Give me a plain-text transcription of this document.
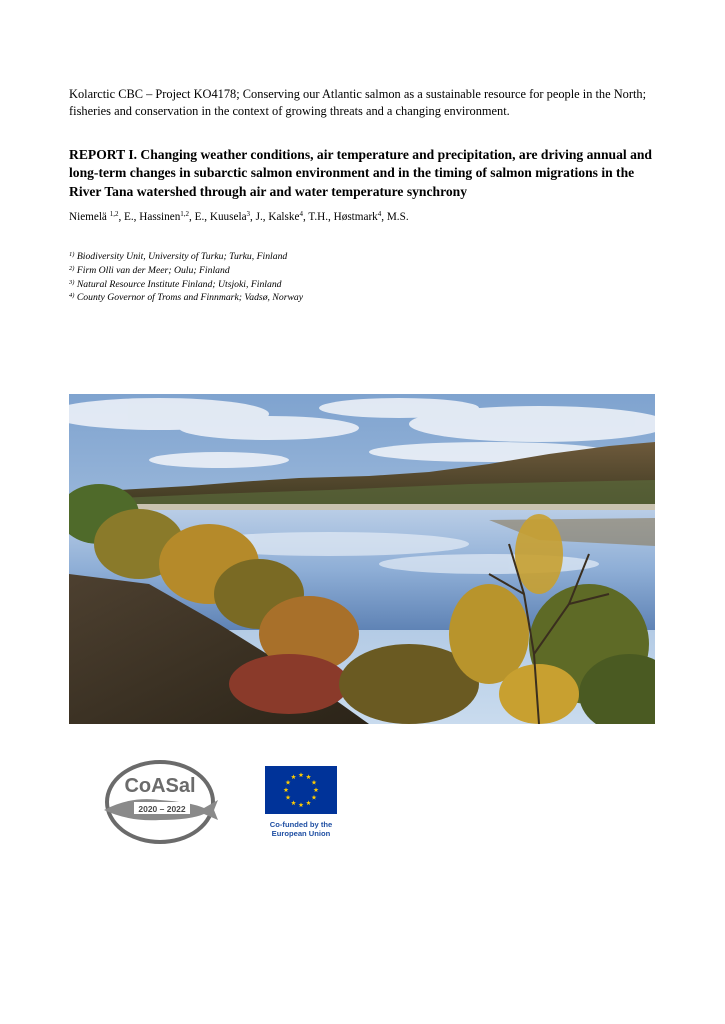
Kolarctic CBC – Project KO4178; Conserving our Atlantic salmon as a sustainable resource for people in the North; fisheries and conservation in the context of growing threats and a changing environment.
REPORT I. Changing weather conditions, air temperature and precipitation, are driving annual and long-term changes in subarctic salmon environment and in the timing of salmon migrations in the River Tana watershed through air and water temperature synchrony
Niemelä $^{1,2}$, E., Hassinen$^{1,2}$, E., Kuusela$^3$, J., Kalske$^4$, T.H., Høstmark$^4$, M.S.
$^{1)}$ Biodiversity Unit, University of Turku; Turku, Finland
$^{2)}$ Firm Olli van der Meer; Oulu; Finland
$^{3)}$ Natural Resource Institute Finland; Utsjoki, Finland
$^{4)}$ County Governor of Troms and Finnmark; Vadsø, Norway
CoASal
2020 – 2022
Co-funded by the
European Union
